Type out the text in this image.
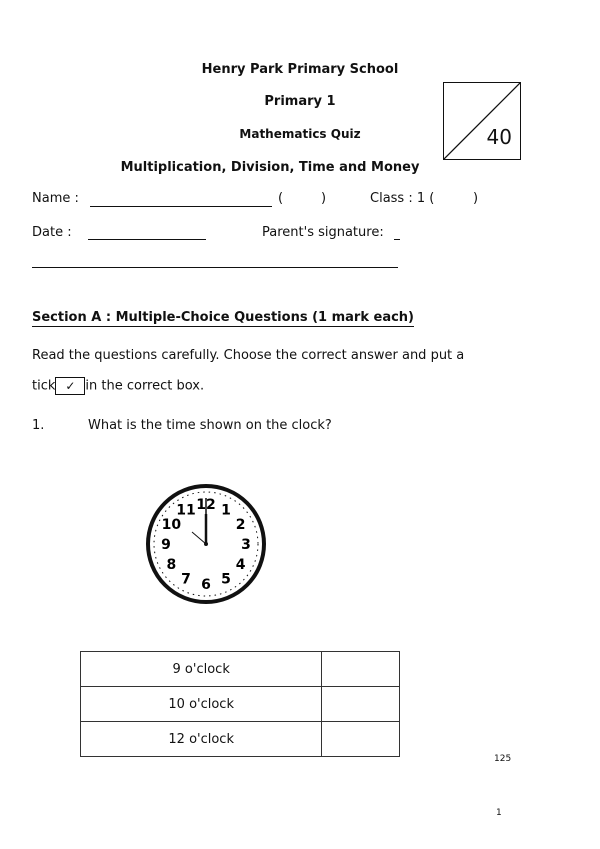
Henry Park Primary School
Primary 1
Mathematics Quiz
Multiplication, Division, Time and Money
40
Name :	(	)	Class : 1 (	)
Date :	Parent's signature:
Section A : Multiple-Choice Questions (1 mark each)
Read the questions carefully. Choose the correct answer and put a
tick ✓ in the correct box.
1.	What is the time shown on the clock?
12 1
2
3
4
5
6
7
8
9
10
11
9 o'clock	
10 o'clock	
12 o'clock	
125
1
